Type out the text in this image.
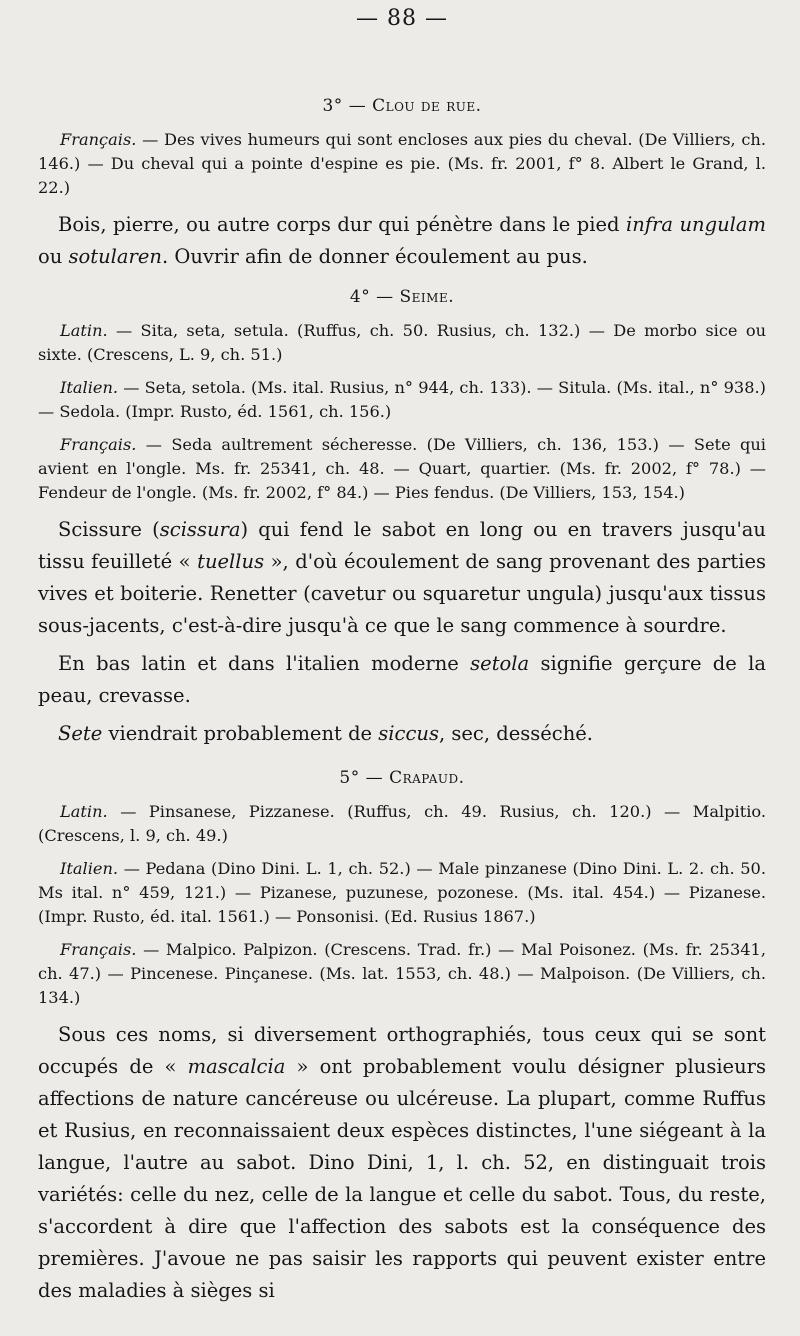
— 88 —
3° — Clou de rue.

Français. — Des vives humeurs qui sont encloses aux pies du cheval. (De Villiers, ch. 146.) — Du cheval qui a pointe d'espine es pie. (Ms. fr. 2001, f° 8. Albert le Grand, l. 22.)

Bois, pierre, ou autre corps dur qui pénètre dans le pied infra ungulam ou sotularen. Ouvrir afin de donner écoulement au pus.

4° — Seime.

Latin. — Sita, seta, setula. (Ruffus, ch. 50. Rusius, ch. 132.) — De morbo sice ou sixte. (Crescens, L. 9, ch. 51.)

Italien. — Seta, setola. (Ms. ital. Rusius, n° 944, ch. 133). — Situla. (Ms. ital., n° 938.) — Sedola. (Impr. Rusto, éd. 1561, ch. 156.)

Français. — Seda aultrement sécheresse. (De Villiers, ch. 136, 153.) — Sete qui avient en l'ongle. Ms. fr. 25341, ch. 48. — Quart, quartier. (Ms. fr. 2002, f° 78.) — Fendeur de l'ongle. (Ms. fr. 2002, f° 84.) — Pies fendus. (De Villiers, 153, 154.)

Scissure (scissura) qui fend le sabot en long ou en travers jusqu'au tissu feuilleté « tuellus », d'où écoulement de sang provenant des parties vives et boiterie. Renetter (cavetur ou squaretur ungula) jusqu'aux tissus sous-jacents, c'est-à-dire jusqu'à ce que le sang commence à sourdre.

En bas latin et dans l'italien moderne setola signifie gerçure de la peau, crevasse.

Sete viendrait probablement de siccus, sec, desséché.

5° — Crapaud.

Latin. — Pinsanese, Pizzanese. (Ruffus, ch. 49. Rusius, ch. 120.) — Malpitio. (Crescens, l. 9, ch. 49.)

Italien. — Pedana (Dino Dini. L. 1, ch. 52.) — Male pinzanese (Dino Dini. L. 2. ch. 50. Ms ital. n° 459, 121.) — Pizanese, puzunese, pozonese. (Ms. ital. 454.) — Pizanese. (Impr. Rusto, éd. ital. 1561.) — Ponsonisi. (Ed. Rusius 1867.)

Français. — Malpico. Palpizon. (Crescens. Trad. fr.) — Mal Poisonez. (Ms. fr. 25341, ch. 47.) — Pincenese. Pinçanese. (Ms. lat. 1553, ch. 48.) — Malpoison. (De Villiers, ch. 134.)

Sous ces noms, si diversement orthographiés, tous ceux qui se sont occupés de « mascalcia » ont probablement voulu désigner plusieurs affections de nature cancéreuse ou ulcéreuse. La plupart, comme Ruffus et Rusius, en reconnaissaient deux espèces distinctes, l'une siégeant à la langue, l'autre au sabot. Dino Dini, 1, l. ch. 52, en distinguait trois variétés: celle du nez, celle de la langue et celle du sabot. Tous, du reste, s'accordent à dire que l'affection des sabots est la conséquence des premières. J'avoue ne pas saisir les rapports qui peuvent exister entre des maladies à sièges si
